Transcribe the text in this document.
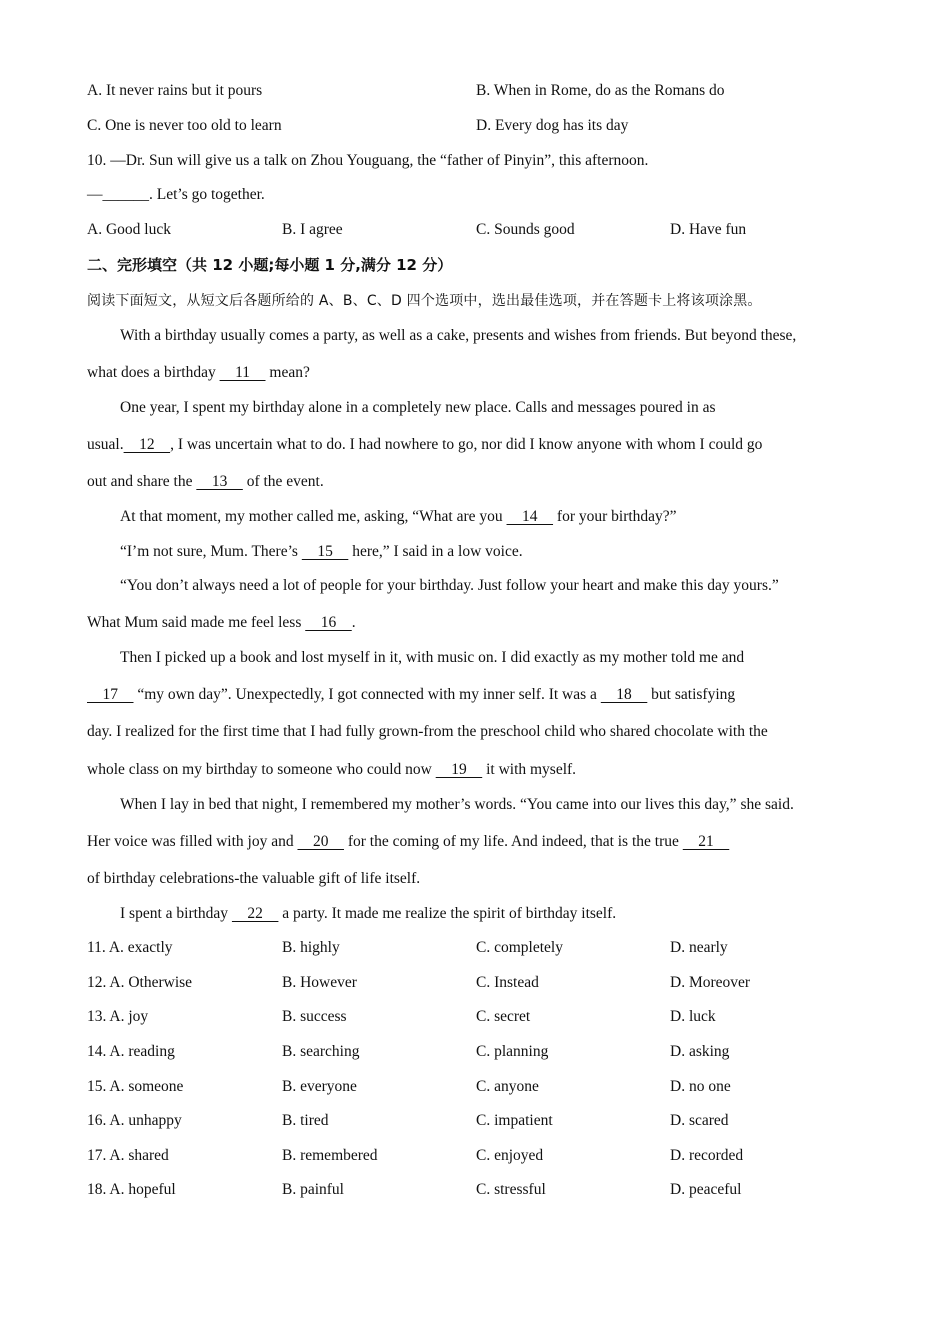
A. It never rains but it pours	B. When in Rome, do as the Romans do
C. One is never too old to learn	D. Every dog has its day
10. —Dr. Sun will give us a talk on Zhou Youguang, the “father of Pinyin”, this afternoon.
—______. Let’s go together.
A. Good luck	B. I agree	C. Sounds good	D. Have fun
二、完形填空（共 12 小题;每小题 1 分,满分 12 分）
阅读下面短文，从短文后各题所给的 A、B、C、D 四个选项中，选出最佳选项，并在答题卡上将该项涂黑。
With a birthday usually comes a party, as well as a cake, presents and wishes from friends. But beyond these,
what does a birthday     11     mean?
One year, I spent my birthday alone in a completely new place. Calls and messages poured in as
usual.    12    , I was uncertain what to do. I had nowhere to go, nor did I know anyone with whom I could go
out and share the     13     of the event.
At that moment, my mother called me, asking, “What are you     14     for your birthday?”
“I’m not sure, Mum. There’s     15     here,” I said in a low voice.
“You don’t always need a lot of people for your birthday. Just follow your heart and make this day yours.”
What Mum said made me feel less     16    .
Then I picked up a book and lost myself in it, with music on. I did exactly as my mother told me and
17     “my own day”. Unexpectedly, I got connected with my inner self. It was a     18     but satisfying
day. I realized for the first time that I had fully grown-from the preschool child who shared chocolate with the
whole class on my birthday to someone who could now     19     it with myself.
When I lay in bed that night, I remembered my mother’s words. “You came into our lives this day,” she said.
Her voice was filled with joy and     20     for the coming of my life. And indeed, that is the true     21
of birthday celebrations-the valuable gift of life itself.
I spent a birthday     22     a party. It made me realize the spirit of birthday itself.
11. A. exactly	B. highly	C. completely	D. nearly
12. A. Otherwise	B. However	C. Instead	D. Moreover
13. A. joy	B. success	C. secret	D. luck
14. A. reading	B. searching	C. planning	D. asking
15. A. someone	B. everyone	C. anyone	D. no one
16. A. unhappy	B. tired	C. impatient	D. scared
17. A. shared	B. remembered	C. enjoyed	D. recorded
18. A. hopeful	B. painful	C. stressful	D. peaceful
